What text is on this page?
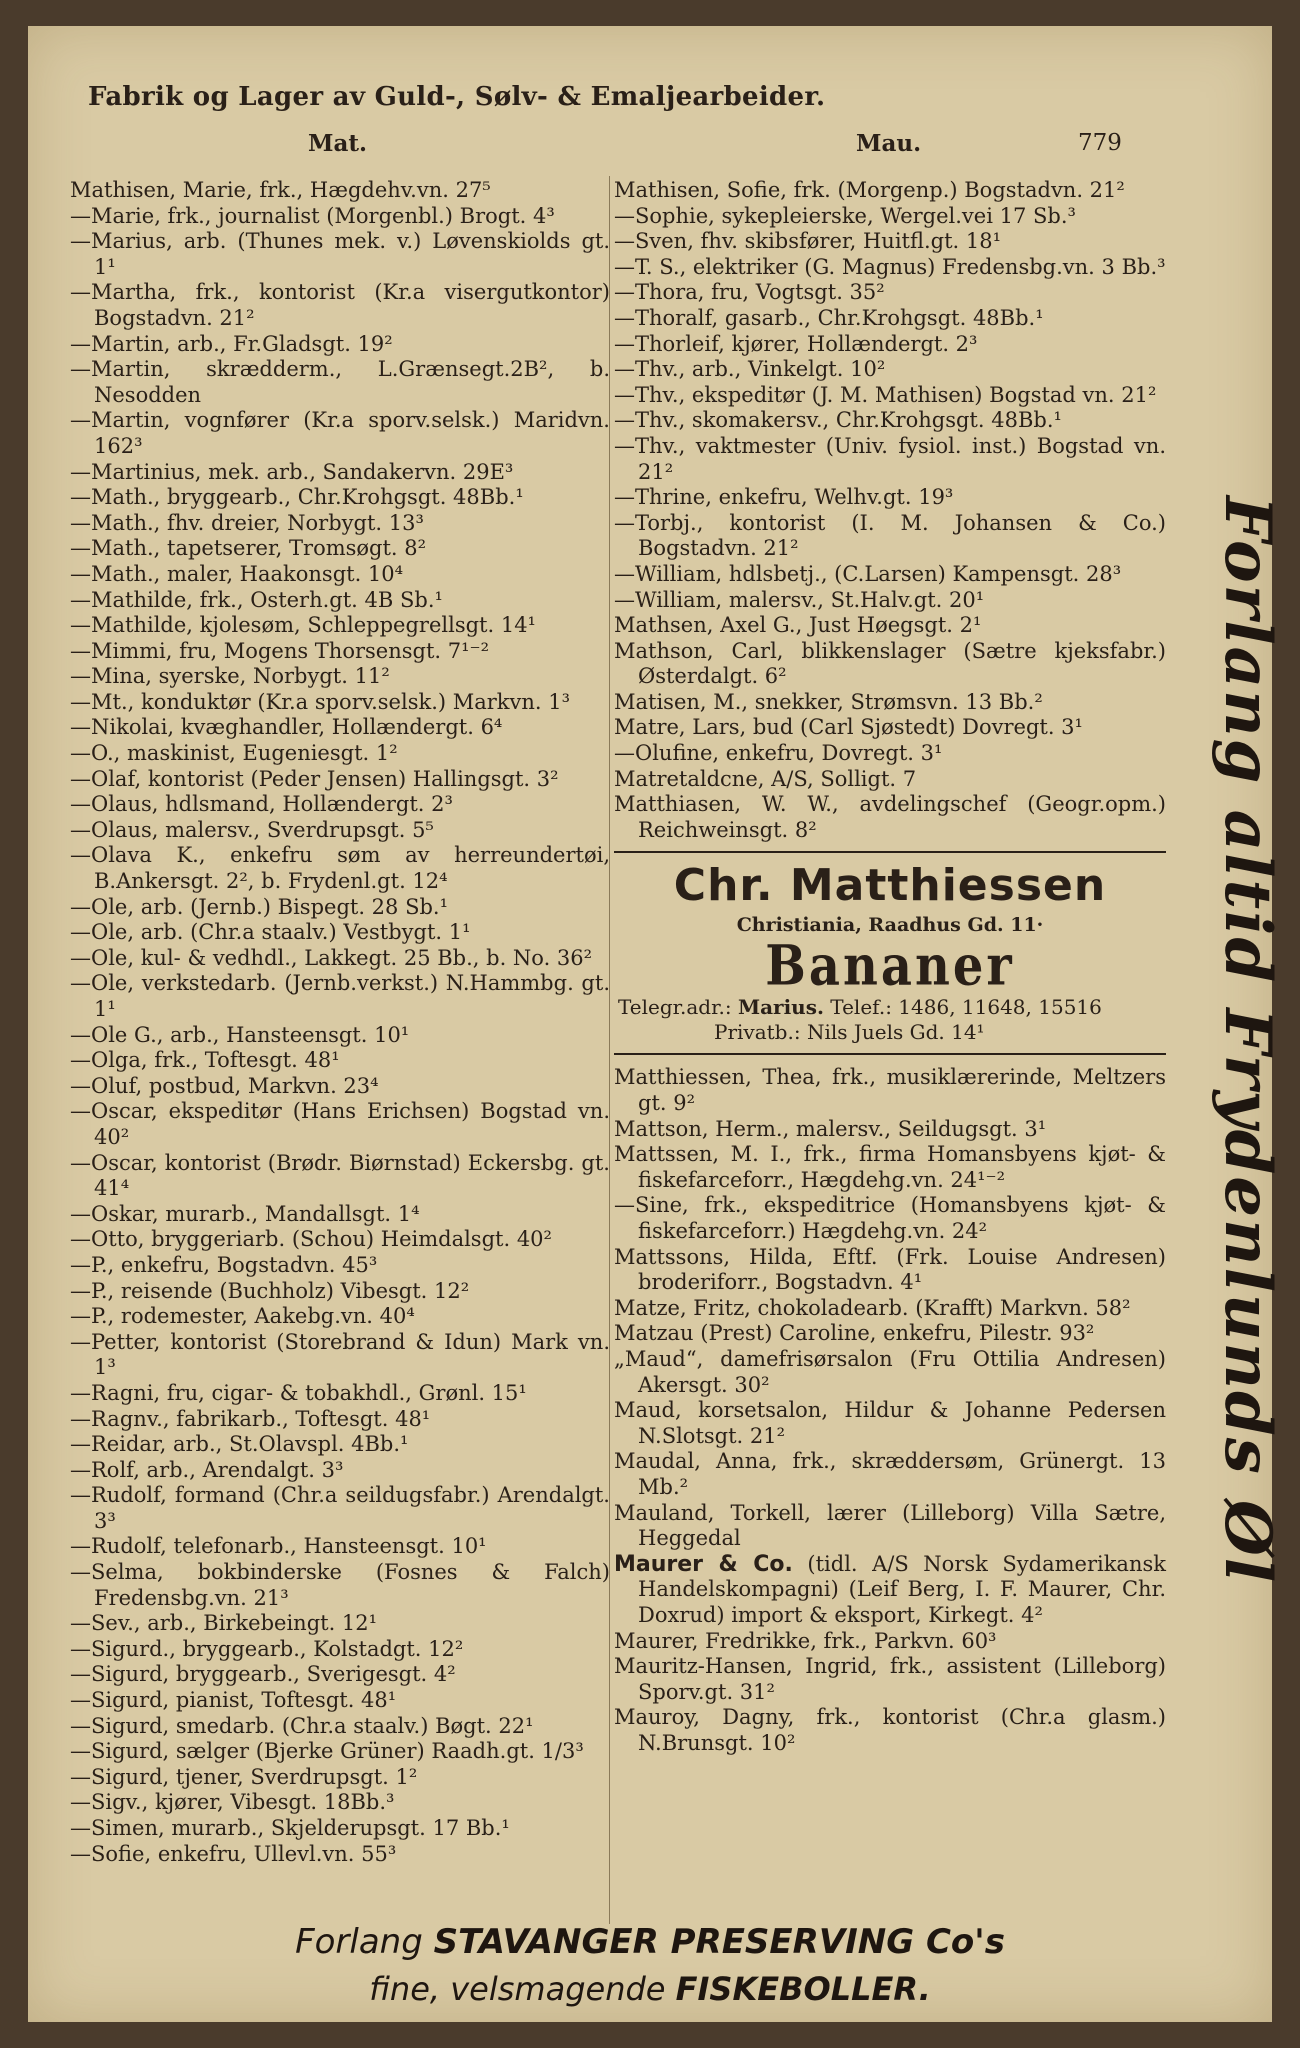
Fabrik og Lager av Guld-, Sølv- & Emaljearbeider.
Mat.	Mau.	779

Mathisen, Marie, frk., Hægdehv.vn. 27⁵

—Marie, frk., journalist (Morgenbl.) Brogt. 4³

—Marius, arb. (Thunes mek. v.) Løvenskiolds gt. 1¹

—Martha, frk., kontorist (Kr.a visergutkontor) Bogstadvn. 21²

—Martin, arb., Fr.Gladsgt. 19²

—Martin, skrædderm., L.Grænsegt.2B², b. Nesodden

—Martin, vognfører (Kr.a sporv.selsk.) Maridvn. 162³

—Martinius, mek. arb., Sandakervn. 29E³

—Math., bryggearb., Chr.Krohgsgt. 48Bb.¹

—Math., fhv. dreier, Norbygt. 13³

—Math., tapetserer, Tromsøgt. 8²

—Math., maler, Haakonsgt. 10⁴

—Mathilde, frk., Osterh.gt. 4B Sb.¹

—Mathilde, kjolesøm, Schleppegrellsgt. 14¹

—Mimmi, fru, Mogens Thorsensgt. 7¹⁻²

—Mina, syerske, Norbygt. 11²

—Mt., konduktør (Kr.a sporv.selsk.) Markvn. 1³

—Nikolai, kvæghandler, Hollændergt. 6⁴

—O., maskinist, Eugeniesgt. 1²

—Olaf, kontorist (Peder Jensen) Hallingsgt. 3²

—Olaus, hdlsmand, Hollændergt. 2³

—Olaus, malersv., Sverdrupsgt. 5⁵

—Olava K., enkefru søm av herreundertøi, B.Ankersgt. 2², b. Frydenl.gt. 12⁴

—Ole, arb. (Jernb.) Bispegt. 28 Sb.¹

—Ole, arb. (Chr.a staalv.) Vestbygt. 1¹

—Ole, kul- & vedhdl., Lakkegt. 25 Bb., b. No. 36²

—Ole, verkstedarb. (Jernb.verkst.) N.Hammbg. gt. 1¹

—Ole G., arb., Hansteensgt. 10¹

—Olga, frk., Toftesgt. 48¹

—Oluf, postbud, Markvn. 23⁴

—Oscar, ekspeditør (Hans Erichsen) Bogstad vn. 40²

—Oscar, kontorist (Brødr. Biørnstad) Eckersbg. gt. 41⁴

—Oskar, murarb., Mandallsgt. 1⁴

—Otto, bryggeriarb. (Schou) Heimdalsgt. 40²

—P., enkefru, Bogstadvn. 45³

—P., reisende (Buchholz) Vibesgt. 12²

—P., rodemester, Aakebg.vn. 40⁴

—Petter, kontorist (Storebrand & Idun) Mark vn. 1³

—Ragni, fru, cigar- & tobakhdl., Grønl. 15¹

—Ragnv., fabrikarb., Toftesgt. 48¹

—Reidar, arb., St.Olavspl. 4Bb.¹

—Rolf, arb., Arendalgt. 3³

—Rudolf, formand (Chr.a seildugsfabr.) Arendalgt. 3³

—Rudolf, telefonarb., Hansteensgt. 10¹

—Selma, bokbinderske (Fosnes & Falch) Fredensbg.vn. 21³

—Sev., arb., Birkebeingt. 12¹

—Sigurd., bryggearb., Kolstadgt. 12²

—Sigurd, bryggearb., Sverigesgt. 4²

—Sigurd, pianist, Toftesgt. 48¹

—Sigurd, smedarb. (Chr.a staalv.) Bøgt. 22¹

—Sigurd, sælger (Bjerke Grüner) Raadh.gt. 1/3³

—Sigurd, tjener, Sverdrupsgt. 1²

—Sigv., kjører, Vibesgt. 18Bb.³

—Simen, murarb., Skjelderupsgt. 17 Bb.¹

—Sofie, enkefru, Ullevl.vn. 55³

Mathisen, Sofie, frk. (Morgenp.) Bogstadvn. 21²

—Sophie, sykepleierske, Wergel.vei 17 Sb.³

—Sven, fhv. skibsfører, Huitfl.gt. 18¹

—T. S., elektriker (G. Magnus) Fredensbg.vn. 3 Bb.³

—Thora, fru, Vogtsgt. 35²

—Thoralf, gasarb., Chr.Krohgsgt. 48Bb.¹

—Thorleif, kjører, Hollændergt. 2³

—Thv., arb., Vinkelgt. 10²

—Thv., ekspeditør (J. M. Mathisen) Bogstad vn. 21²

—Thv., skomakersv., Chr.Krohgsgt. 48Bb.¹

—Thv., vaktmester (Univ. fysiol. inst.) Bogstad vn. 21²

—Thrine, enkefru, Welhv.gt. 19³

—Torbj., kontorist (I. M. Johansen & Co.) Bogstadvn. 21²

—William, hdlsbetj., (C.Larsen) Kampensgt. 28³

—William, malersv., St.Halv.gt. 20¹

Mathsen, Axel G., Just Høegsgt. 2¹

Mathson, Carl, blikkenslager (Sætre kjeksfabr.) Østerdalgt. 6²

Matisen, M., snekker, Strømsvn. 13 Bb.²

Matre, Lars, bud (Carl Sjøstedt) Dovregt. 3¹

—Olufine, enkefru, Dovregt. 3¹

Matretaldcne, A/S, Solligt. 7

Matthiasen, W. W., avdelingschef (Geogr.opm.) Reichweinsgt. 8²

Chr. Matthiessen
Christiania, Raadhus Gd. 11·
Bananer
Telegr.adr.: Marius. Telef.: 1486, 11648, 15516
Privatb.: Nils Juels Gd. 14¹

Matthiessen, Thea, frk., musiklærerinde, Meltzers gt. 9²

Mattson, Herm., malersv., Seildugsgt. 3¹

Mattssen, M. I., frk., firma Homansbyens kjøt- & fiskefarceforr., Hægdehg.vn. 24¹⁻²

—Sine, frk., ekspeditrice (Homansbyens kjøt- & fiskefarceforr.) Hægdehg.vn. 24²

Mattssons, Hilda, Eftf. (Frk. Louise Andresen) broderiforr., Bogstadvn. 4¹

Matze, Fritz, chokoladearb. (Krafft) Markvn. 58²

Matzau (Prest) Caroline, enkefru, Pilestr. 93²

„Maud“, damefrisørsalon (Fru Ottilia Andresen) Akersgt. 30²

Maud, korsetsalon, Hildur & Johanne Pedersen N.Slotsgt. 21²

Maudal, Anna, frk., skræddersøm, Grünergt. 13 Mb.²

Mauland, Torkell, lærer (Lilleborg) Villa Sætre, Heggedal

Maurer & Co. (tidl. A/S Norsk Sydamerikansk Handelskompagni) (Leif Berg, I. F. Maurer, Chr. Doxrud) import & eksport, Kirkegt. 4²

Maurer, Fredrikke, frk., Parkvn. 60³

Mauritz-Hansen, Ingrid, frk., assistent (Lilleborg) Sporv.gt. 31²

Mauroy, Dagny, frk., kontorist (Chr.a glasm.) N.Brunsgt. 10²

Forlang altid Frydenlunds Øl
Forlang STAVANGER PRESERVING Co's
fine, velsmagende FISKEBOLLER.
